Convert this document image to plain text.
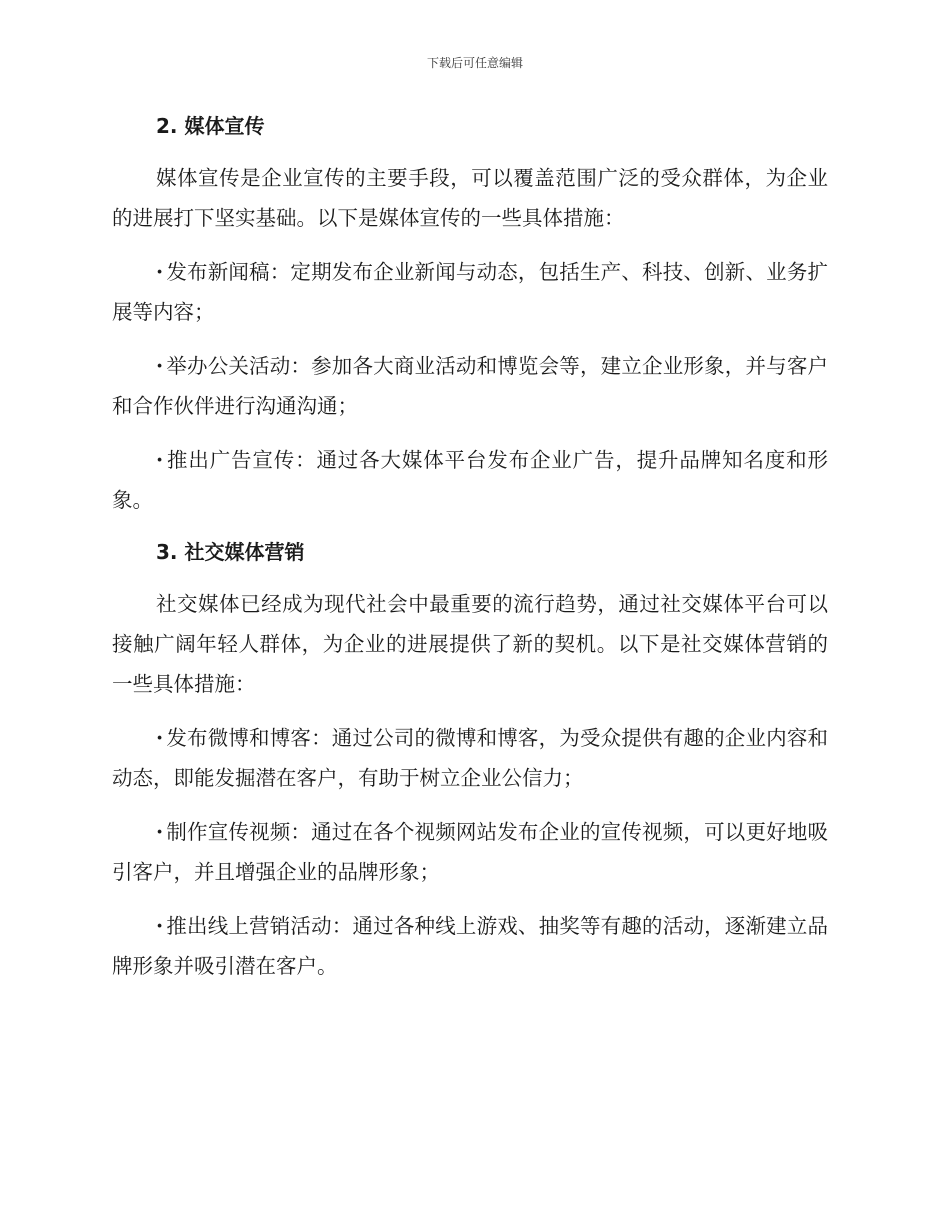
下载后可任意编辑
2. 媒体宣传

媒体宣传是企业宣传的主要手段，可以覆盖范围广泛的受众群体，为企业的进展打下坚实基础。以下是媒体宣传的一些具体措施：

· 发布新闻稿：定期发布企业新闻与动态，包括生产、科技、创新、业务扩展等内容；

· 举办公关活动：参加各大商业活动和博览会等，建立企业形象，并与客户和合作伙伴进行沟通沟通；

· 推出广告宣传：通过各大媒体平台发布企业广告，提升品牌知名度和形象。

3. 社交媒体营销

社交媒体已经成为现代社会中最重要的流行趋势，通过社交媒体平台可以接触广阔年轻人群体，为企业的进展提供了新的契机。以下是社交媒体营销的一些具体措施：

· 发布微博和博客：通过公司的微博和博客，为受众提供有趣的企业内容和动态，即能发掘潜在客户，有助于树立企业公信力；

· 制作宣传视频：通过在各个视频网站发布企业的宣传视频，可以更好地吸引客户，并且增强企业的品牌形象；

· 推出线上营销活动：通过各种线上游戏、抽奖等有趣的活动，逐渐建立品牌形象并吸引潜在客户。
